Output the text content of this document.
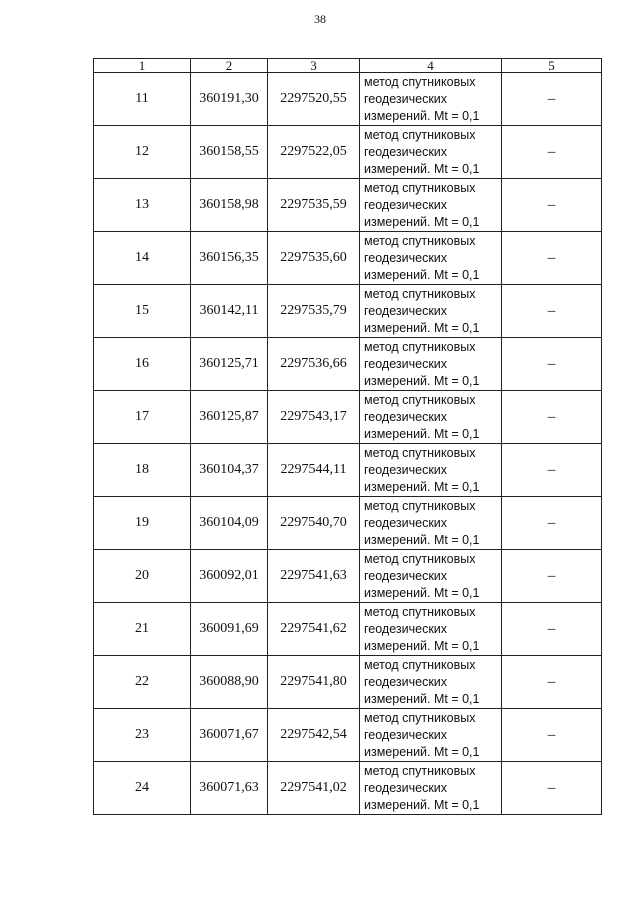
38
1	2	3	4	5
11	360191,30	2297520,55	метод спутниковых
геодезических
измерений. Mt = 0,1	–
12	360158,55	2297522,05	метод спутниковых
геодезических
измерений. Mt = 0,1	–
13	360158,98	2297535,59	метод спутниковых
геодезических
измерений. Mt = 0,1	–
14	360156,35	2297535,60	метод спутниковых
геодезических
измерений. Mt = 0,1	–
15	360142,11	2297535,79	метод спутниковых
геодезических
измерений. Mt = 0,1	–
16	360125,71	2297536,66	метод спутниковых
геодезических
измерений. Mt = 0,1	–
17	360125,87	2297543,17	метод спутниковых
геодезических
измерений. Mt = 0,1	–
18	360104,37	2297544,11	метод спутниковых
геодезических
измерений. Mt = 0,1	–
19	360104,09	2297540,70	метод спутниковых
геодезических
измерений. Mt = 0,1	–
20	360092,01	2297541,63	метод спутниковых
геодезических
измерений. Mt = 0,1	–
21	360091,69	2297541,62	метод спутниковых
геодезических
измерений. Mt = 0,1	–
22	360088,90	2297541,80	метод спутниковых
геодезических
измерений. Mt = 0,1	–
23	360071,67	2297542,54	метод спутниковых
геодезических
измерений. Mt = 0,1	–
24	360071,63	2297541,02	метод спутниковых
геодезических
измерений. Mt = 0,1	–
